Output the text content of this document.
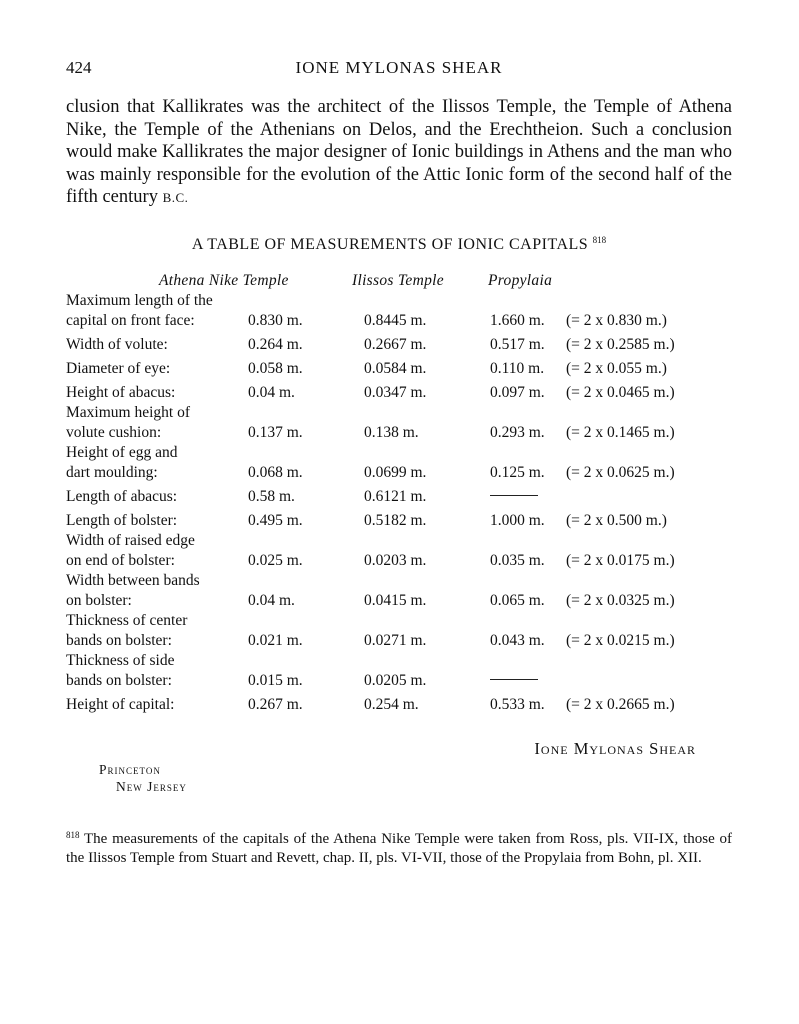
424	IONE MYLONAS SHEAR

clusion that Kallikrates was the architect of the Ilissos Temple, the Temple of Athena Nike, the Temple of the Athenians on Delos, and the Erechtheion. Such a conclusion would make Kallikrates the major designer of Ionic buildings in Athens and the man who was mainly responsible for the evolution of the Attic Ionic form of the second half of the fifth century B.C.

A TABLE OF MEASUREMENTS OF IONIC CAPITALS $^{818}$
Athena Nike Temple	Ilissos Temple	Propylaia
Maximum length of the
capital on front face:	0.830 m.	0.8445 m.	1.660 m. (= 2 x 0.830 m.)
Width of volute:	0.264 m.	0.2667 m.	0.517 m. (= 2 x 0.2585 m.)
Diameter of eye:	0.058 m.	0.0584 m.	0.110 m. (= 2 x 0.055 m.)
Height of abacus:	0.04 m.	0.0347 m.	0.097 m. (= 2 x 0.0465 m.)
Maximum height of
volute cushion:	0.137 m.	0.138 m.	0.293 m. (= 2 x 0.1465 m.)
Height of egg and
dart moulding:	0.068 m.	0.0699 m.	0.125 m. (= 2 x 0.0625 m.)
Length of abacus:	0.58 m.	0.6121 m.
Length of bolster:	0.495 m.	0.5182 m.	1.000 m. (= 2 x 0.500 m.)
Width of raised edge
on end of bolster:	0.025 m.	0.0203 m.	0.035 m. (= 2 x 0.0175 m.)
Width between bands
on bolster:	0.04 m.	0.0415 m.	0.065 m. (= 2 x 0.0325 m.)
Thickness of center
bands on bolster:	0.021 m.	0.0271 m.	0.043 m. (= 2 x 0.0215 m.)
Thickness of side
bands on bolster:	0.015 m.	0.0205 m.
Height of capital:	0.267 m.	0.254 m.	0.533 m. (= 2 x 0.2665 m.)
Ione Mylonas Shear
Princeton
New Jersey

$^{818}$ The measurements of the capitals of the Athena Nike Temple were taken from Ross, pls. VII-IX, those of the Ilissos Temple from Stuart and Revett, chap. II, pls. VI-VII, those of the Propylaia from Bohn, pl. XII.
